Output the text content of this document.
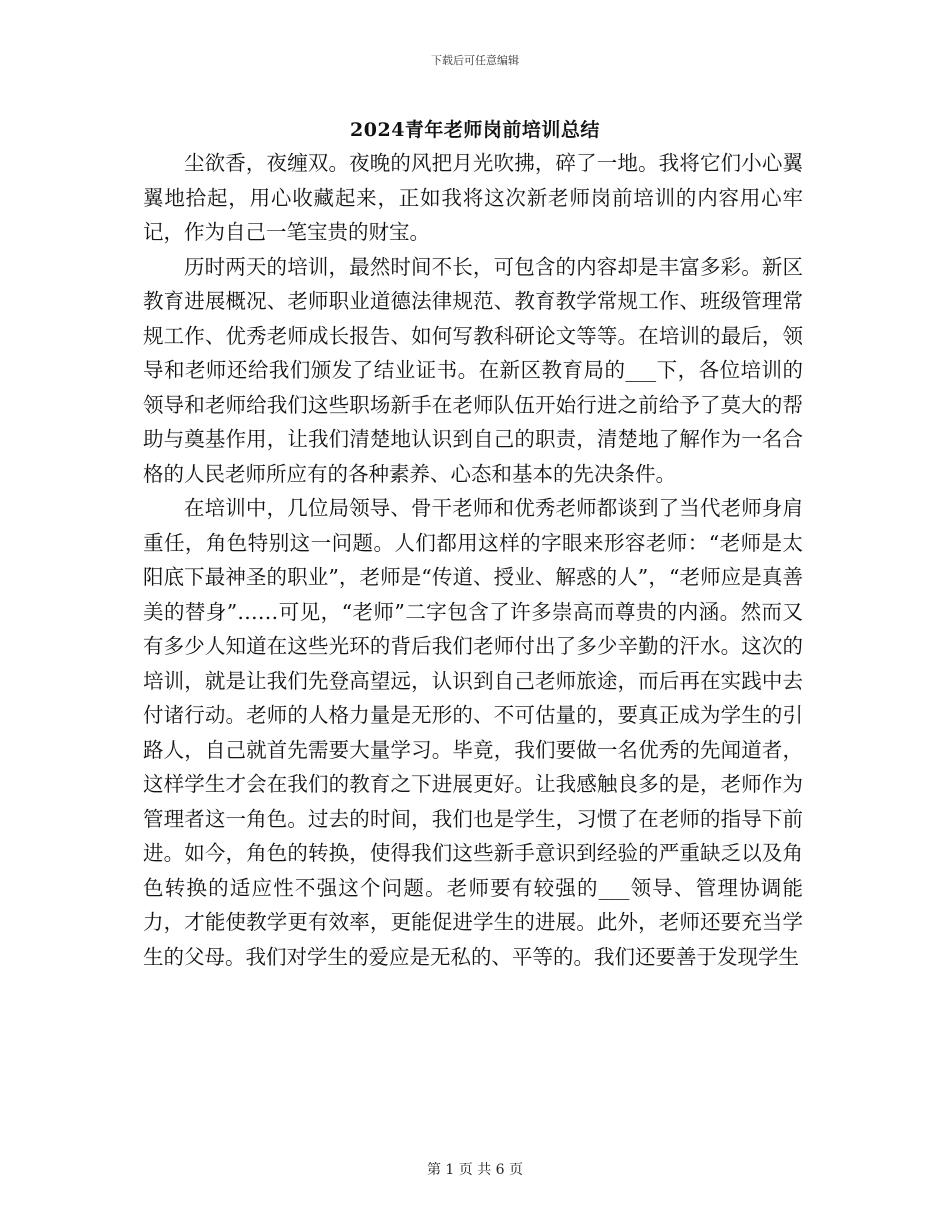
下载后可任意编辑
2024青年老师岗前培训总结

尘欲香，夜缠双。夜晚的风把月光吹拂，碎了一地。我将它们小心翼翼地拾起，用心收藏起来，正如我将这次新老师岗前培训的内容用心牢记，作为自己一笔宝贵的财宝。

历时两天的培训，最然时间不长，可包含的内容却是丰富多彩。新区教育进展概况、老师职业道德法律规范、教育教学常规工作、班级管理常规工作、优秀老师成长报告、如何写教科研论文等等。在培训的最后，领导和老师还给我们颁发了结业证书。在新区教育局的___下，各位培训的领导和老师给我们这些职场新手在老师队伍开始行进之前给予了莫大的帮助与奠基作用，让我们清楚地认识到自己的职责，清楚地了解作为一名合格的人民老师所应有的各种素养、心态和基本的先决条件。

在培训中，几位局领导、骨干老师和优秀老师都谈到了当代老师身肩重任，角色特别这一问题。人们都用这样的字眼来形容老师：“老师是太阳底下最神圣的职业”，老师是“传道、授业、解惑的人”，“老师应是真善美的替身”……可见，“老师”二字包含了许多崇高而尊贵的内涵。然而又有多少人知道在这些光环的背后我们老师付出了多少辛勤的汗水。这次的培训，就是让我们先登高望远，认识到自己老师旅途，而后再在实践中去付诸行动。老师的人格力量是无形的、不可估量的，要真正成为学生的引路人，自己就首先需要大量学习。毕竟，我们要做一名优秀的先闻道者，这样学生才会在我们的教育之下进展更好。让我感触良多的是，老师作为管理者这一角色。过去的时间，我们也是学生，习惯了在老师的指导下前进。如今，角色的转换，使得我们这些新手意识到经验的严重缺乏以及角色转换的适应性不强这个问题。老师要有较强的___领导、管理协调能力，才能使教学更有效率，更能促进学生的进展。此外，老师还要充当学生的父母。我们对学生的爱应是无私的、平等的。我们还要善于发现学生

第 1 页 共 6 页
